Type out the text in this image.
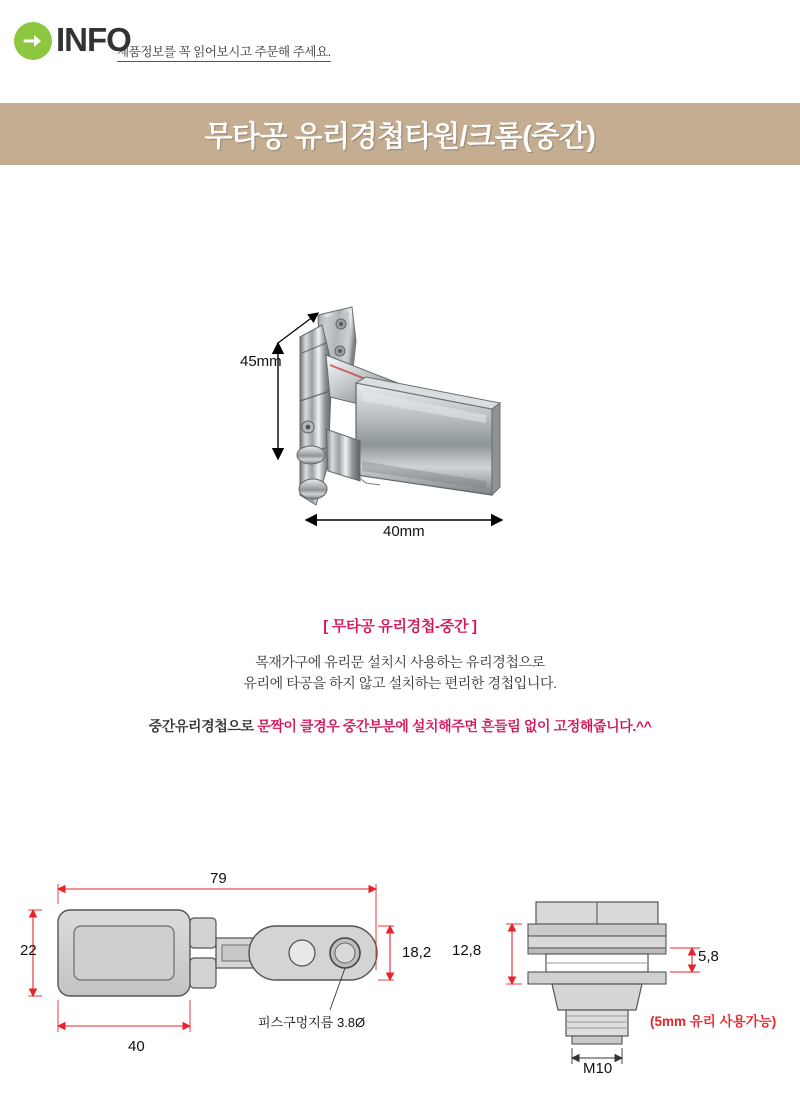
INFO
제품정보를 꼭 읽어보시고 주문해 주세요.
무타공 유리경첩타원/크롬(중간)
45mm
40mm
[ 무타공 유리경첩-중간 ]
목재가구에 유리문 설치시 사용하는 유리경첩으로
유리에 타공을 하지 않고 설치하는 편리한 경첩입니다.
중간유리경첩으로 문짝이 클경우 중간부분에 설치해주면 흔들림 없이 고정해줍니다.^^
79
22
40
18,2
피스구멍지름 3.8Ø
12,8	5,8
M10
(5mm 유리 사용가능)
